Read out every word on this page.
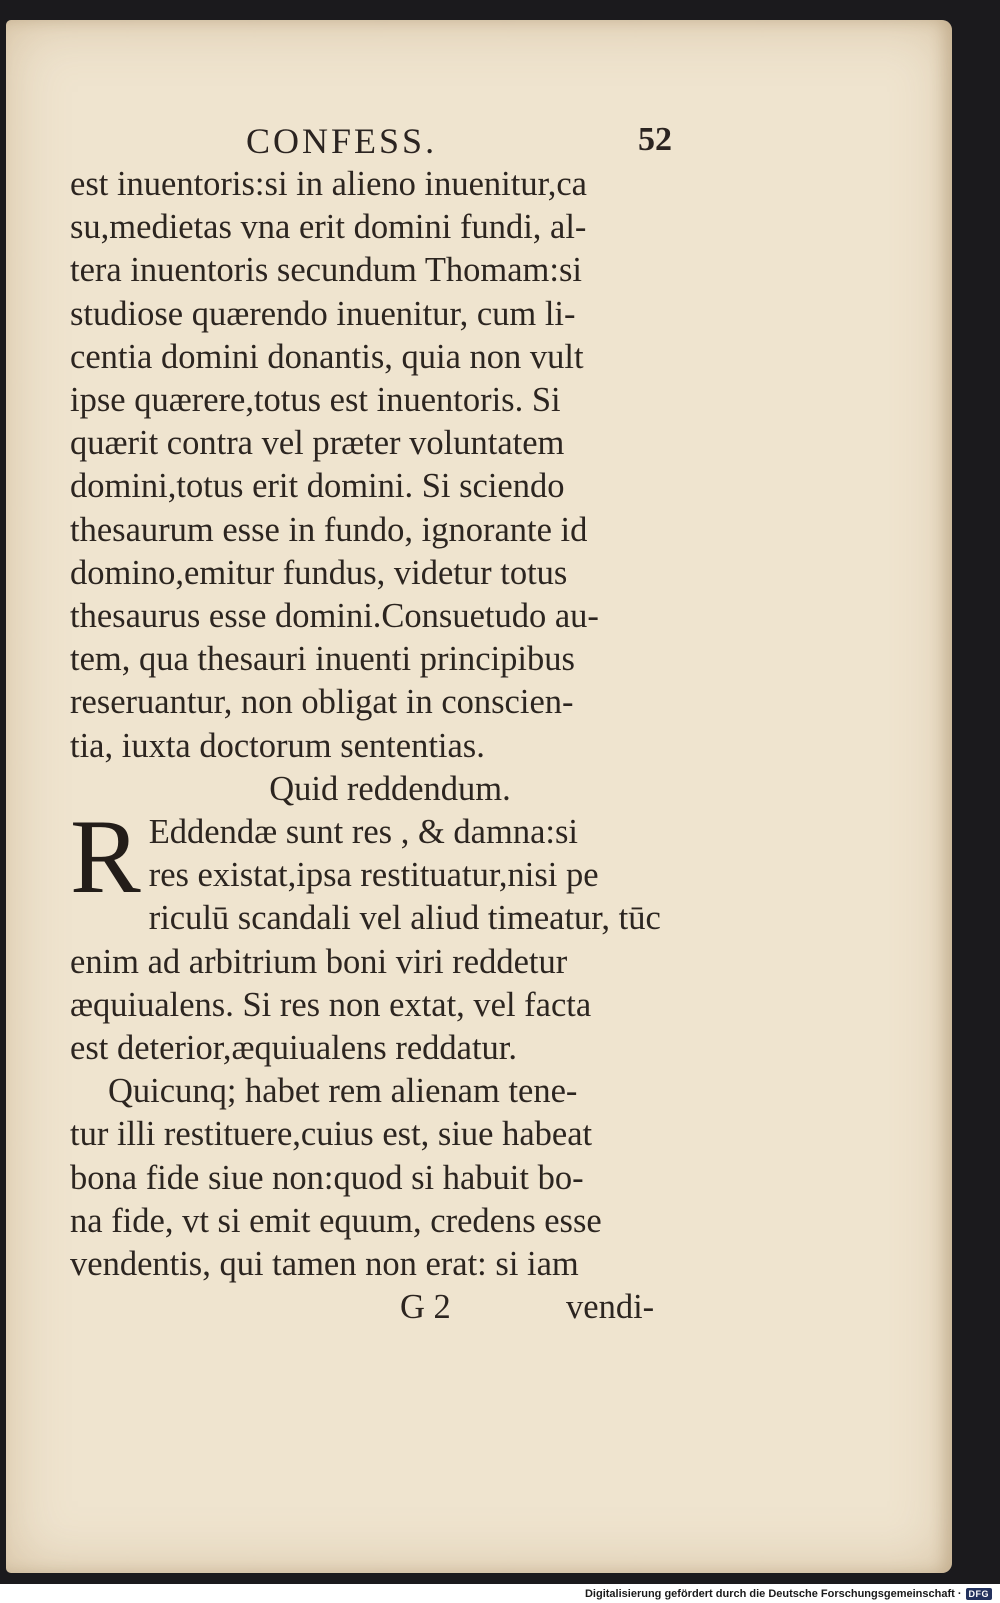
CONFESS.	52

est inuentoris:si in alieno inuenitur,ca
su,medietas vna erit domini fundi, al-
tera inuentoris secundum Thomam:si
studiose quærendo inuenitur, cum li-
centia domini donantis, quia non vult
ipse quærere,totus est inuentoris. Si
quærit contra vel præter voluntatem
domini,totus erit domini. Si sciendo
thesaurum esse in fundo, ignorante id
domino,emitur fundus, videtur totus
thesaurus esse domini.Consuetudo au-
tem, qua thesauri inuenti principibus
reseruantur, non obligat in conscien-
tia, iuxta doctorum sententias.

Quid reddendum.

R Eddendæ sunt res , & damna:si
res existat,ipsa restituatur,nisi pe
riculū scandali vel aliud timeatur, tūc
enim ad arbitrium boni viri reddetur
æquiualens. Si res non extat, vel facta
est deterior,æquiualens reddatur.

Quicunq; habet rem alienam tene-
tur illi restituere,cuius est, siue habeat
bona fide siue non:quod si habuit bo-
na fide, vt si emit equum, credens esse
vendentis, qui tamen non erat: si iam

G 2	vendi-
Digitalisierung gefördert durch die Deutsche Forschungsgemeinschaft · DFG
